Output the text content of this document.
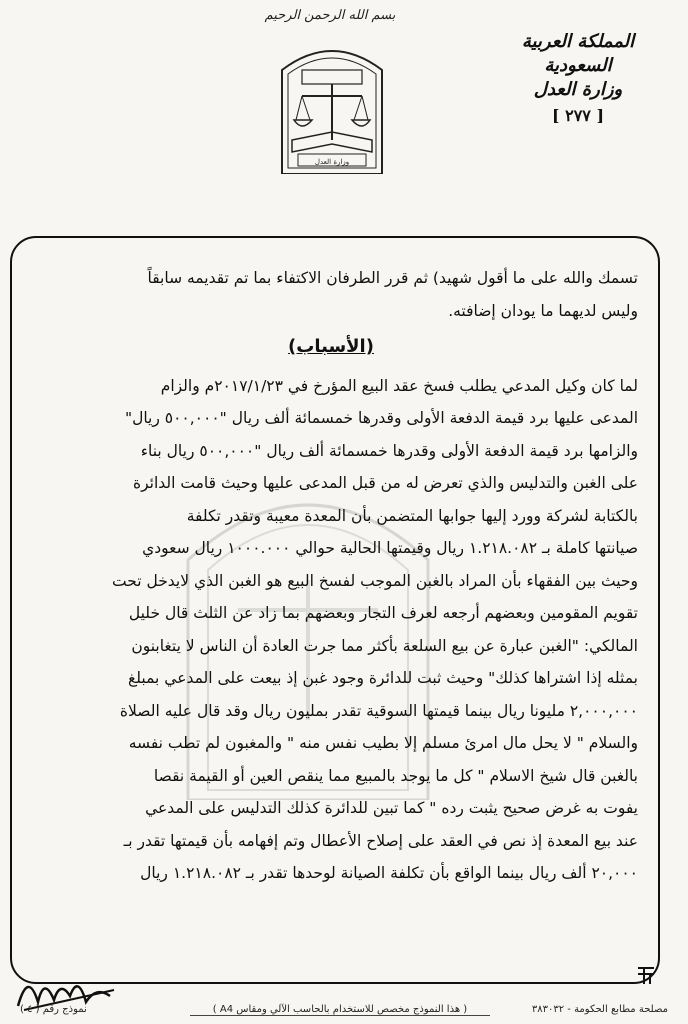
بسم الله الرحمن الرحيم
وزارة العدل
المملكة العربية السعودية
وزارة العدل
[ ٢٧٧ ]

تسمك والله على ما أقول شهيد) ثم قرر الطرفان الاكتفاء بما تم تقديمه سابقاً

وليس لديهما ما يودان إضافته.

(الأسباب)

لما كان وكيل المدعي يطلب فسخ عقد البيع المؤرخ في ٢٠١٧/١/٢٣م والزام

المدعى عليها برد قيمة الدفعة الأولى وقدرها خمسمائة ألف ريال "٥٠٠,٠٠٠ ريال"

والزامها برد قيمة الدفعة الأولى وقدرها خمسمائة ألف ريال "٥٠٠,٠٠٠ ريال بناء

على الغبن والتدليس والذي تعرض له من قبل المدعى عليها وحيث قامت الدائرة

بالكتابة لشركة وورد إليها جوابها المتضمن بأن المعدة معيبة وتقدر تكلفة

صيانتها كاملة بـ ١.٢١٨.٠٨٢ ريال وقيمتها الحالية حوالي ١٠٠٠.٠٠٠ ريال سعودي

وحيث بين الفقهاء بأن المراد بالغبن الموجب لفسخ البيع هو الغبن الذي لايدخل تحت

تقويم المقومين وبعضهم أرجعه لعرف التجار وبعضهم بما زاد عن الثلث قال خليل

المالكي: "الغبن عبارة عن بيع السلعة بأكثر مما جرت العادة أن الناس لا يتغابنون

بمثله إذا اشتراها كذلك" وحيث ثبت للدائرة وجود غبن إذ بيعت على المدعي بمبلغ

٢,٠٠٠,٠٠٠ مليونا ريال بينما قيمتها السوقية تقدر بمليون ريال وقد قال عليه الصلاة

والسلام " لا يحل مال امرئ مسلم إلا بطيب نفس منه " والمغبون لم تطب نفسه

بالغبن قال شيخ الاسلام " كل ما يوجد بالمبيع مما ينقص العين أو القيمة نقصا

يفوت به غرض صحيح يثبت رده " كما تبين للدائرة كذلك التدليس على المدعي

عند بيع المعدة إذ نص في العقد على إصلاح الأعطال وتم إفهامه بأن قيمتها تقدر بـ

٢٠,٠٠٠ ألف ريال بينما الواقع بأن تكلفة الصيانة لوحدها تقدر بـ ١.٢١٨.٠٨٢ ريال

مصلحة مطابع الحكومة - ٣٨٣٠٣٢
( هذا النموذج مخصص للاستخدام بالحاسب الآلي ومقاس A4 )
نموذج رقم ( ٤ )
